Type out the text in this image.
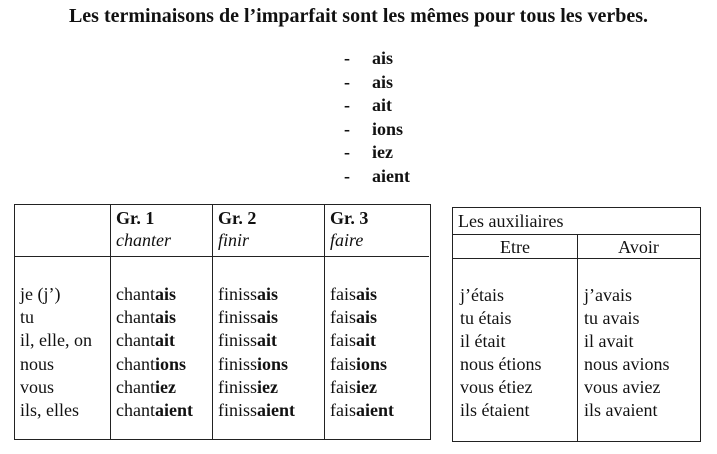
Les terminaisons de l’imparfait sont les mêmes pour tous les verbes.
- ais
- ais
- ait
- ions
- iez
- aient
je (j’)
tu
il, elle, on
nous
vous
ils, elles
Gr. 1
chanter
chantais
chantais
chantait
chantions
chantiez
chantaient
Gr. 2
finir
finissais
finissais
finissait
finissions
finissiez
finissaient
Gr. 3
faire
faisais
faisais
faisait
faisions
faisiez
faisaient
Les auxiliaires
Etre	Avoir
j’étais
tu étais
il était
nous étions
vous étiez
ils étaient
j’avais
tu avais
il avait
nous avions
vous aviez
ils avaient
